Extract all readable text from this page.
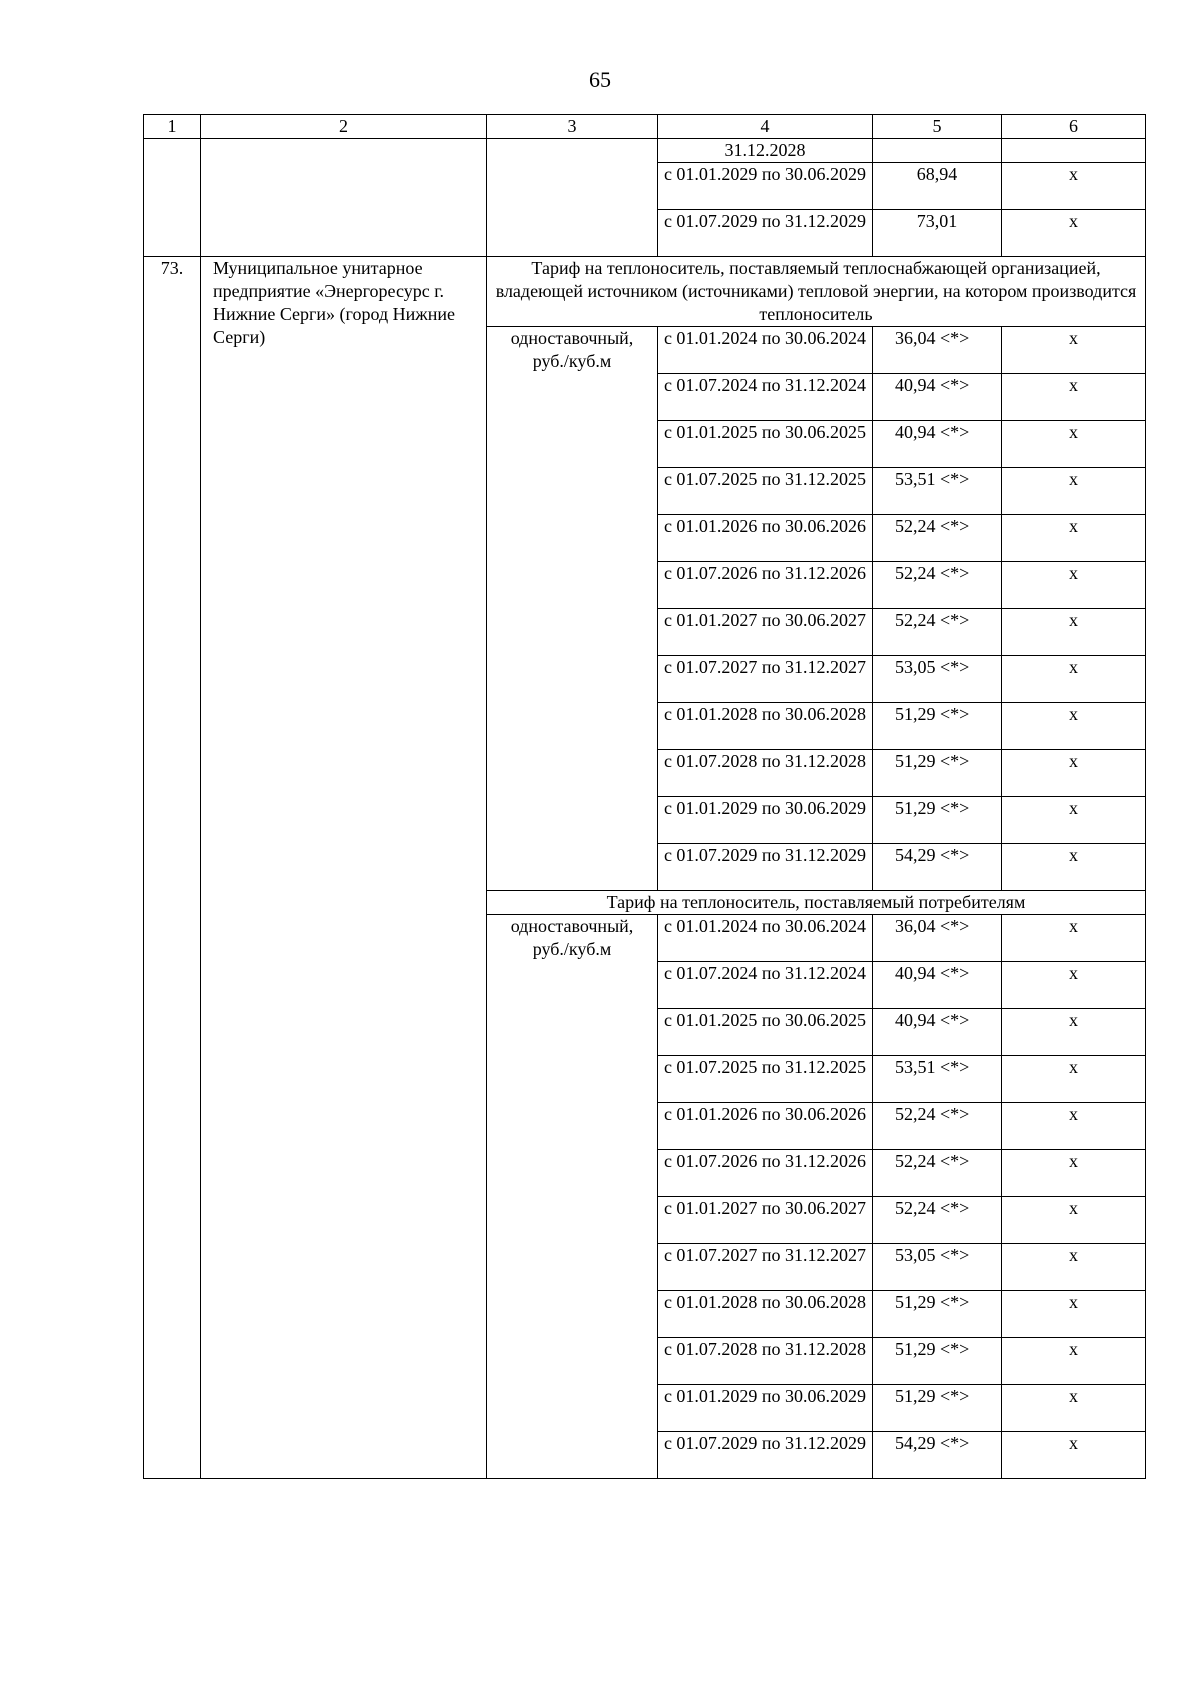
65
1	2	3	4	5	6
			31.12.2028		
			с 01.01.2029 по 30.06.2029	68,94	х
			с 01.07.2029 по 31.12.2029	73,01	х
73.	Муниципальное унитарное предприятие «Энергоресурс г. Нижние Серги» (город Нижние Серги)	Тариф на теплоноситель, поставляемый теплоснабжающей организацией, владеющей источником (источниками) тепловой энергии, на котором производится теплоноситель			
		одноставочный, руб./куб.м	с 01.01.2024 по 30.06.2024	36,04 <*>	х
			с 01.07.2024 по 31.12.2024	40,94 <*>	х
			с 01.01.2025 по 30.06.2025	40,94 <*>	х
			с 01.07.2025 по 31.12.2025	53,51 <*>	х
			с 01.01.2026 по 30.06.2026	52,24 <*>	х
			с 01.07.2026 по 31.12.2026	52,24 <*>	х
			с 01.01.2027 по 30.06.2027	52,24 <*>	х
			с 01.07.2027 по 31.12.2027	53,05 <*>	х
			с 01.01.2028 по 30.06.2028	51,29 <*>	х
			с 01.07.2028 по 31.12.2028	51,29 <*>	х
			с 01.01.2029 по 30.06.2029	51,29 <*>	х
			с 01.07.2029 по 31.12.2029	54,29 <*>	х
		Тариф на теплоноситель, поставляемый потребителям			
		одноставочный, руб./куб.м	с 01.01.2024 по 30.06.2024	36,04 <*>	х
			с 01.07.2024 по 31.12.2024	40,94 <*>	х
			с 01.01.2025 по 30.06.2025	40,94 <*>	х
			с 01.07.2025 по 31.12.2025	53,51 <*>	х
			с 01.01.2026 по 30.06.2026	52,24 <*>	х
			с 01.07.2026 по 31.12.2026	52,24 <*>	х
			с 01.01.2027 по 30.06.2027	52,24 <*>	х
			с 01.07.2027 по 31.12.2027	53,05 <*>	х
			с 01.01.2028 по 30.06.2028	51,29 <*>	х
			с 01.07.2028 по 31.12.2028	51,29 <*>	х
			с 01.01.2029 по 30.06.2029	51,29 <*>	х
			с 01.07.2029 по 31.12.2029	54,29 <*>	х
